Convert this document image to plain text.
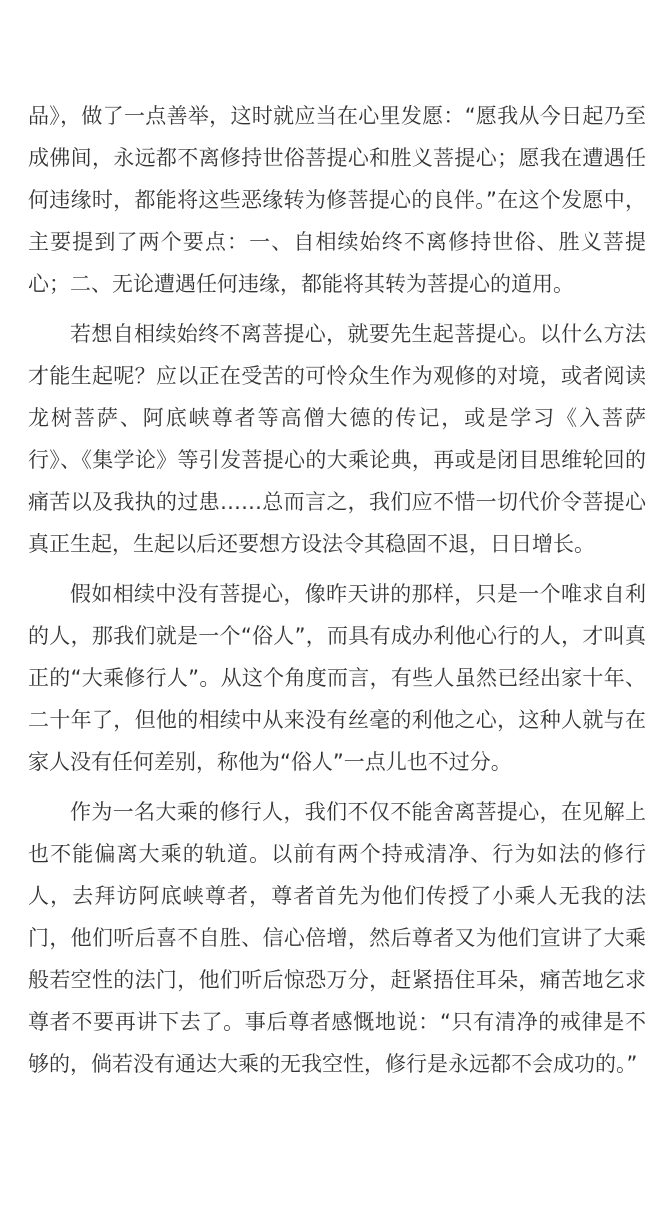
品》，做了一点善举，这时就应当在心里发愿：“愿我从今日起乃至成佛间，永远都不离修持世俗菩提心和胜义菩提心；愿我在遭遇任何违缘时，都能将这些恶缘转为修菩提心的良伴。”在这个发愿中，主要提到了两个要点：一、自相续始终不离修持世俗、胜义菩提心；二、无论遭遇任何违缘，都能将其转为菩提心的道用。

若想自相续始终不离菩提心，就要先生起菩提心。以什么方法才能生起呢？应以正在受苦的可怜众生作为观修的对境，或者阅读龙树菩萨、阿底峡尊者等高僧大德的传记，或是学习《入菩萨行》、《集学论》等引发菩提心的大乘论典，再或是闭目思维轮回的痛苦以及我执的过患……总而言之，我们应不惜一切代价令菩提心真正生起，生起以后还要想方设法令其稳固不退，日日增长。

假如相续中没有菩提心，像昨天讲的那样，只是一个唯求自利的人，那我们就是一个“俗人”，而具有成办利他心行的人，才叫真正的“大乘修行人”。从这个角度而言，有些人虽然已经出家十年、二十年了，但他的相续中从来没有丝毫的利他之心，这种人就与在家人没有任何差别，称他为“俗人”一点儿也不过分。

作为一名大乘的修行人，我们不仅不能舍离菩提心，在见解上也不能偏离大乘的轨道。以前有两个持戒清净、行为如法的修行人，去拜访阿底峡尊者，尊者首先为他们传授了小乘人无我的法门，他们听后喜不自胜、信心倍增，然后尊者又为他们宣讲了大乘般若空性的法门，他们听后惊恐万分，赶紧捂住耳朵，痛苦地乞求尊者不要再讲下去了。事后尊者感慨地说：“只有清净的戒律是不够的，倘若没有通达大乘的无我空性，修行是永远都不会成功的。”
